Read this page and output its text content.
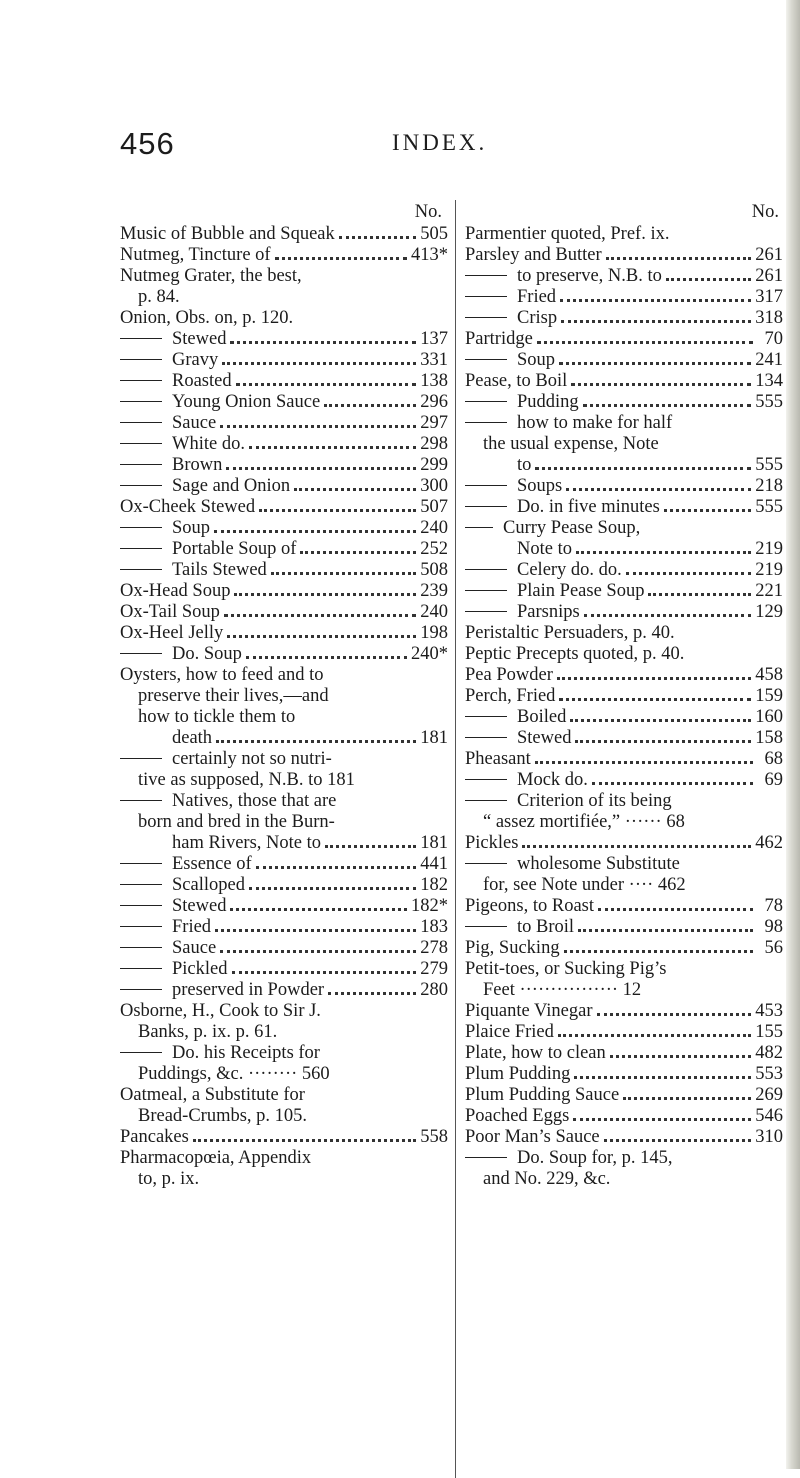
456	INDEX.
No.
Music of Bubble and Squeak	505
Nutmeg, Tincture of	413*
Nutmeg Grater, the best,
p. 84.
Onion, Obs. on, p. 120.
Stewed	137
Gravy	331
Roasted	138
Young Onion Sauce	296
Sauce	297
White do.	298
Brown	299
Sage and Onion	300
Ox-Cheek Stewed	507
Soup	240
Portable Soup of	252
Tails Stewed	508
Ox-Head Soup	239
Ox-Tail Soup	240
Ox-Heel Jelly	198
Do. Soup	240*
Oysters, how to feed and to
preserve their lives,—and
how to tickle them to
death	181
certainly not so nutri-
tive as supposed, N.B. to 181
Natives, those that are
born and bred in the Burn-
ham Rivers, Note to	181
Essence of	441
Scalloped	182
Stewed	182*
Fried	183
Sauce	278
Pickled	279
preserved in Powder	280
Osborne, H., Cook to Sir J.
Banks, p. ix. p. 61.
Do. his Receipts for
Puddings, &c. ········ 560
Oatmeal, a Substitute for
Bread-Crumbs, p. 105.
Pancakes	558
Pharmacopœia, Appendix
to, p. ix.
No.
Parmentier quoted, Pref. ix.
Parsley and Butter	261
to preserve, N.B. to	261
Fried	317
Crisp	318
Partridge	70
Soup	241
Pease, to Boil	134
Pudding	555
how to make for half
the usual expense, Note
to	555
Soups	218
Do. in five minutes	555
Curry Pease Soup,
Note to	219
Celery do. do.	219
Plain Pease Soup	221
Parsnips	129
Peristaltic Persuaders, p. 40.
Peptic Precepts quoted, p. 40.
Pea Powder	458
Perch, Fried	159
Boiled	160
Stewed	158
Pheasant	68
Mock do.	69
Criterion of its being
“ assez mortifiée,” ······ 68
Pickles	462
wholesome Substitute
for, see Note under ···· 462
Pigeons, to Roast	78
to Broil	98
Pig, Sucking	56
Petit-toes, or Sucking Pig’s
Feet ················ 12
Piquante Vinegar	453
Plaice Fried	155
Plate, how to clean	482
Plum Pudding	553
Plum Pudding Sauce	269
Poached Eggs	546
Poor Man’s Sauce	310
Do. Soup for, p. 145,
and No. 229, &c.
